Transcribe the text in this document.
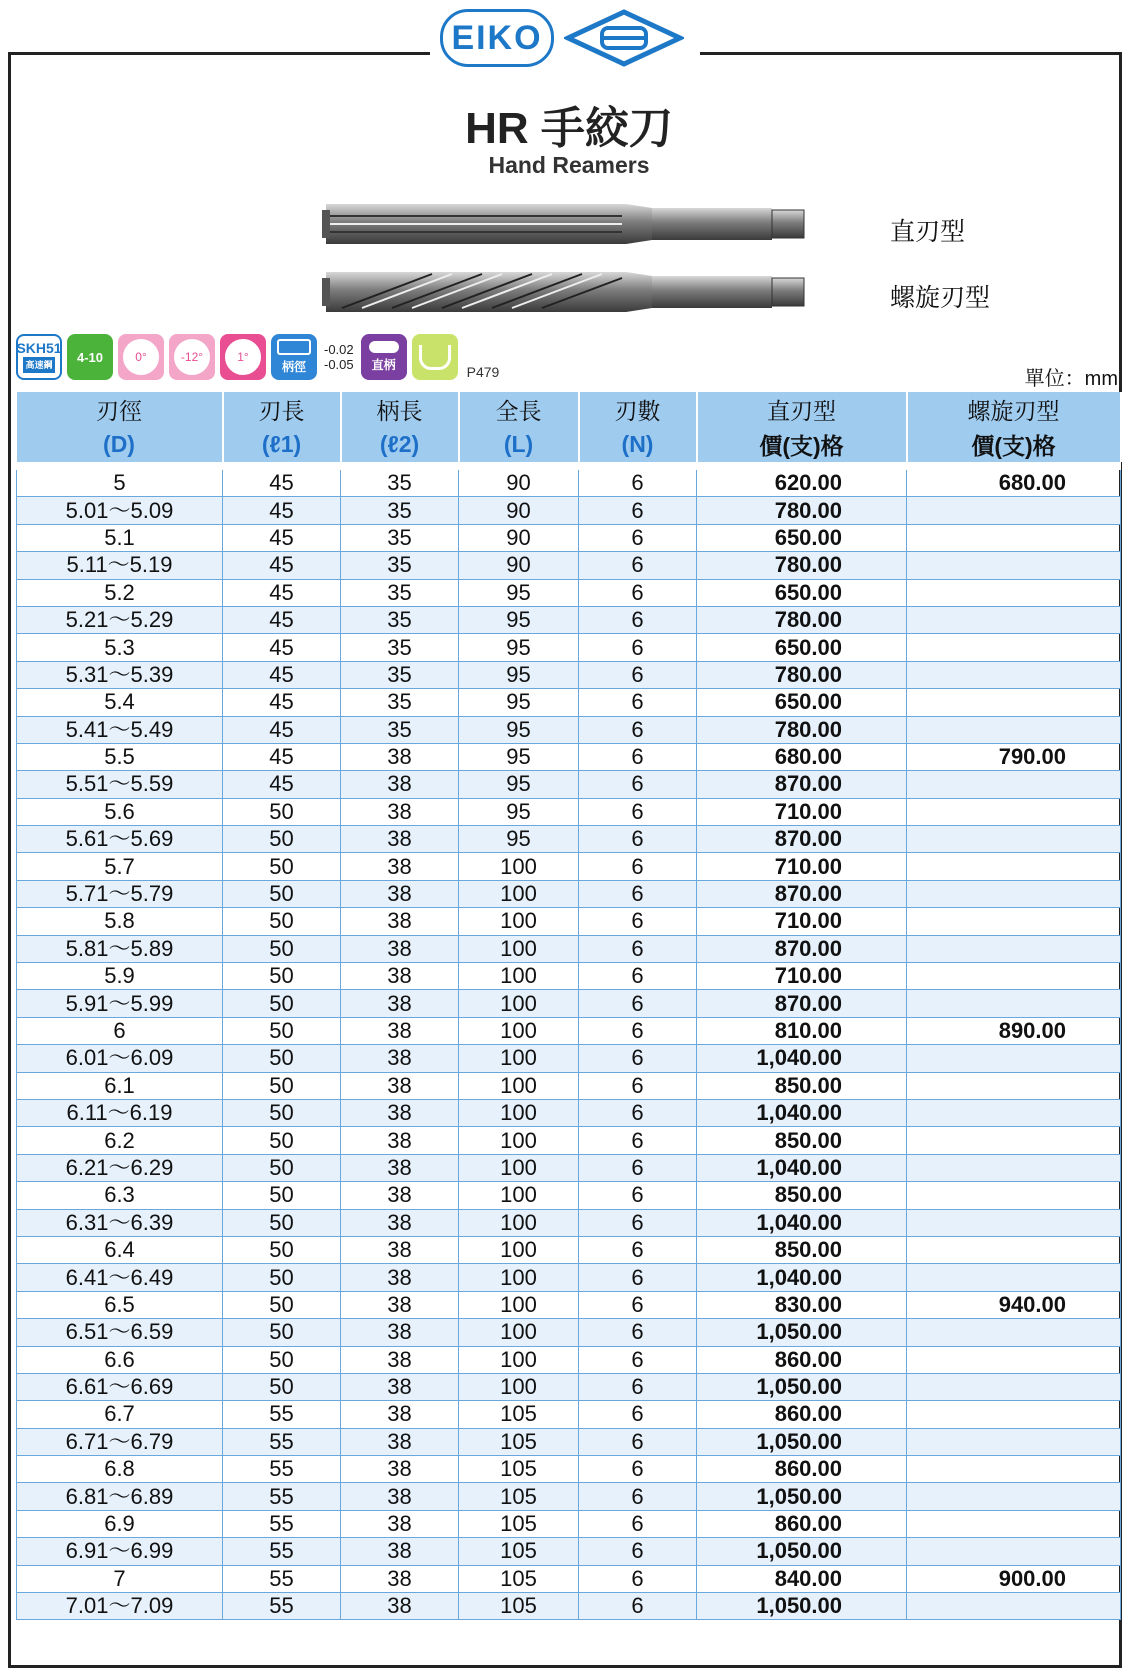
EIKO
HR 手絞刀
Hand Reamers
直刃型
螺旋刃型
SKH51
高速鋼
4-10	0°	-12°	1°
柄徑
-0.02
-0.05 直柄	P479	單位：mm
刃徑	刃長	柄長	全長	刃數	直刃型	螺旋刃型
(D)	(ℓ1)	(ℓ2)	(L)	(N)	價(支)格	價(支)格

5	45	35	90	6	620.00	680.00
5.01～5.09	45	35	90	6	780.00	
5.1	45	35	90	6	650.00	
5.11～5.19	45	35	90	6	780.00	
5.2	45	35	95	6	650.00	
5.21～5.29	45	35	95	6	780.00	
5.3	45	35	95	6	650.00	
5.31～5.39	45	35	95	6	780.00	
5.4	45	35	95	6	650.00	
5.41～5.49	45	35	95	6	780.00	
5.5	45	38	95	6	680.00	790.00
5.51～5.59	45	38	95	6	870.00	
5.6	50	38	95	6	710.00	
5.61～5.69	50	38	95	6	870.00	
5.7	50	38	100	6	710.00	
5.71～5.79	50	38	100	6	870.00	
5.8	50	38	100	6	710.00	
5.81～5.89	50	38	100	6	870.00	
5.9	50	38	100	6	710.00	
5.91～5.99	50	38	100	6	870.00	
6	50	38	100	6	810.00	890.00
6.01～6.09	50	38	100	6	1,040.00	
6.1	50	38	100	6	850.00	
6.11～6.19	50	38	100	6	1,040.00	
6.2	50	38	100	6	850.00	
6.21～6.29	50	38	100	6	1,040.00	
6.3	50	38	100	6	850.00	
6.31～6.39	50	38	100	6	1,040.00	
6.4	50	38	100	6	850.00	
6.41～6.49	50	38	100	6	1,040.00	
6.5	50	38	100	6	830.00	940.00
6.51～6.59	50	38	100	6	1,050.00	
6.6	50	38	100	6	860.00	
6.61～6.69	50	38	100	6	1,050.00	
6.7	55	38	105	6	860.00	
6.71～6.79	55	38	105	6	1,050.00	
6.8	55	38	105	6	860.00	
6.81～6.89	55	38	105	6	1,050.00	
6.9	55	38	105	6	860.00	
6.91～6.99	55	38	105	6	1,050.00	
7	55	38	105	6	840.00	900.00
7.01～7.09	55	38	105	6	1,050.00	
